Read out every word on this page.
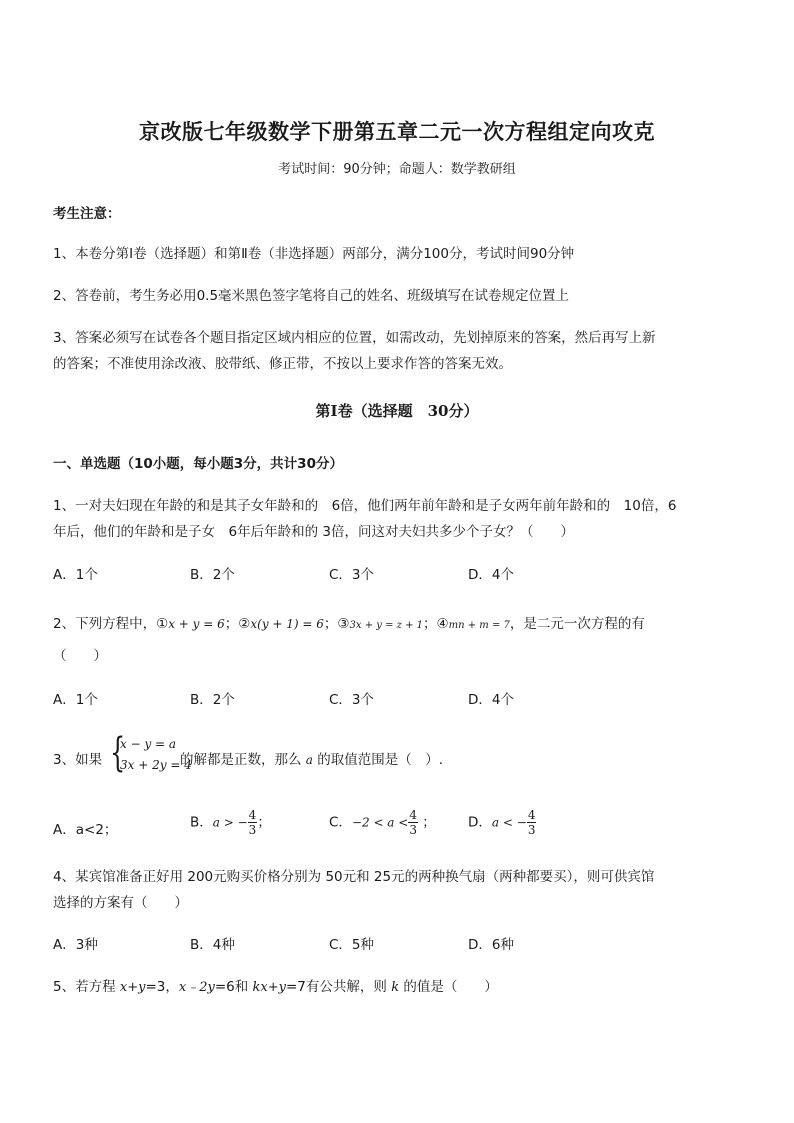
京改版七年级数学下册第五章二元一次方程组定向攻克
考试时间：90分钟；命题人：数学教研组
考生注意：
1、本卷分第Ⅰ卷（选择题）和第Ⅱ卷（非选择题）两部分，满分100分，考试时间90分钟
2、答卷前，考生务必用0.5毫米黑色签字笔将自己的姓名、班级填写在试卷规定位置上
3、答案必须写在试卷各个题目指定区域内相应的位置，如需改动，先划掉原来的答案，然后再写上新
的答案；不准使用涂改液、胶带纸、修正带，不按以上要求作答的答案无效。
第Ⅰ卷（选择题　30分）
一、单选题（10小题，每小题3分，共计30分）
1、一对夫妇现在年龄的和是其子女年龄和的　6倍，他们两年前年龄和是子女两年前年龄和的　10倍，6
年后，他们的年龄和是子女　6年后年龄和的 3倍，问这对夫妇共多少个子女？（　　）
A．1个	B．2个	C．3个	D．4个
2、下列方程中，①x + y = 6；②x(y + 1) = 6；③3x + y = z + 1；④mn + m = 7，是二元一次方程的有
（　　）
A．1个	B．2个	C．3个	D．4个
3、如果 {
x − y = a
3x + 2y = 4
的解都是正数，那么 a 的取值范围是（　）.
A．a<2；	B．a > − $\frac{4}{3}$ ；	C．$-2 < a < \frac{4}{3}$ ； D．a < − $\frac{4}{3}$
4、某宾馆准备正好用 200元购买价格分别为 50元和 25元的两种换气扇（两种都要买），则可供宾馆
选择的方案有（　　）
A．3种	B．4种	C．5种	D．6种
5、若方程 x+y=3，x﹣2y=6和 kx+y=7有公共解，则 k 的值是（　　）
